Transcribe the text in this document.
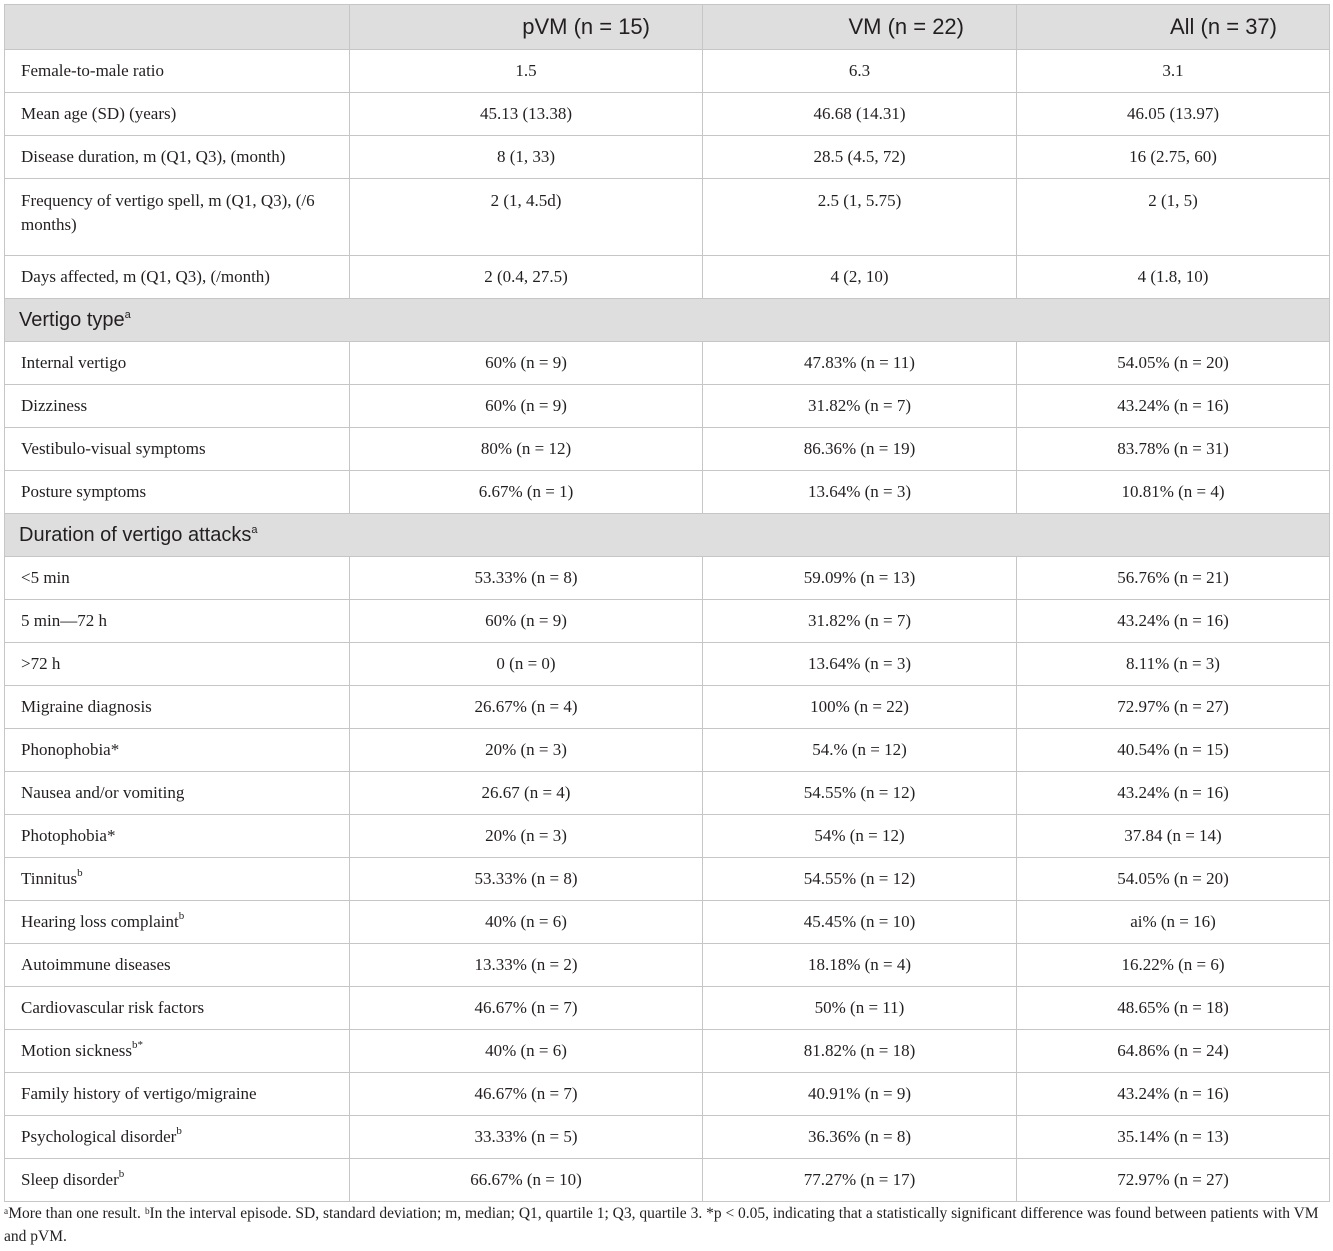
	pVM (n = 15)	VM (n = 22)	All (n = 37)
Female-to-male ratio	1.5	6.3	3.1
Mean age (SD) (years)	45.13 (13.38)	46.68 (14.31)	46.05 (13.97)
Disease duration, m (Q1, Q3), (month)	8 (1, 33)	28.5 (4.5, 72)	16 (2.75, 60)
Frequency of vertigo spell, m (Q1, Q3), (/6 months)	2 (1, 4.5d)	2.5 (1, 5.75)	2 (1, 5)
Days affected, m (Q1, Q3), (/month)	2 (0.4, 27.5)	4 (2, 10)	4 (1.8, 10)
Vertigo type$^a$
Internal vertigo	60% (n = 9)	47.83% (n = 11)	54.05% (n = 20)
Dizziness	60% (n = 9)	31.82% (n = 7)	43.24% (n = 16)
Vestibulo-visual symptoms	80% (n = 12)	86.36% (n = 19)	83.78% (n = 31)
Posture symptoms	6.67% (n = 1)	13.64% (n = 3)	10.81% (n = 4)
Duration of vertigo attacks$^a$
<5 min	53.33% (n = 8)	59.09% (n = 13)	56.76% (n = 21)
5 min—72 h	60% (n = 9)	31.82% (n = 7)	43.24% (n = 16)
>72 h	0 (n = 0)	13.64% (n = 3)	8.11% (n = 3)
Migraine diagnosis	26.67% (n = 4)	100% (n = 22)	72.97% (n = 27)
Phonophobia*	20% (n = 3)	54.% (n = 12)	40.54% (n = 15)
Nausea and/or vomiting	26.67 (n = 4)	54.55% (n = 12)	43.24% (n = 16)
Photophobia*	20% (n = 3)	54% (n = 12)	37.84 (n = 14)
Tinnitus$^b$	53.33% (n = 8)	54.55% (n = 12)	54.05% (n = 20)
Hearing loss complaint$^b$	40% (n = 6)	45.45% (n = 10)	ai% (n = 16)
Autoimmune diseases	13.33% (n = 2)	18.18% (n = 4)	16.22% (n = 6)
Cardiovascular risk factors	46.67% (n = 7)	50% (n = 11)	48.65% (n = 18)
Motion sickness$^{b*}$	40% (n = 6)	81.82% (n = 18)	64.86% (n = 24)
Family history of vertigo/migraine	46.67% (n = 7)	40.91% (n = 9)	43.24% (n = 16)
Psychological disorder$^b$	33.33% (n = 5)	36.36% (n = 8)	35.14% (n = 13)
Sleep disorder$^b$	66.67% (n = 10)	77.27% (n = 17)	72.97% (n = 27)
ᵃMore than one result. ᵇIn the interval episode. SD, standard deviation; m, median; Q1, quartile 1; Q3, quartile 3. *p < 0.05, indicating that a statistically significant difference was found between patients with VM and pVM.
